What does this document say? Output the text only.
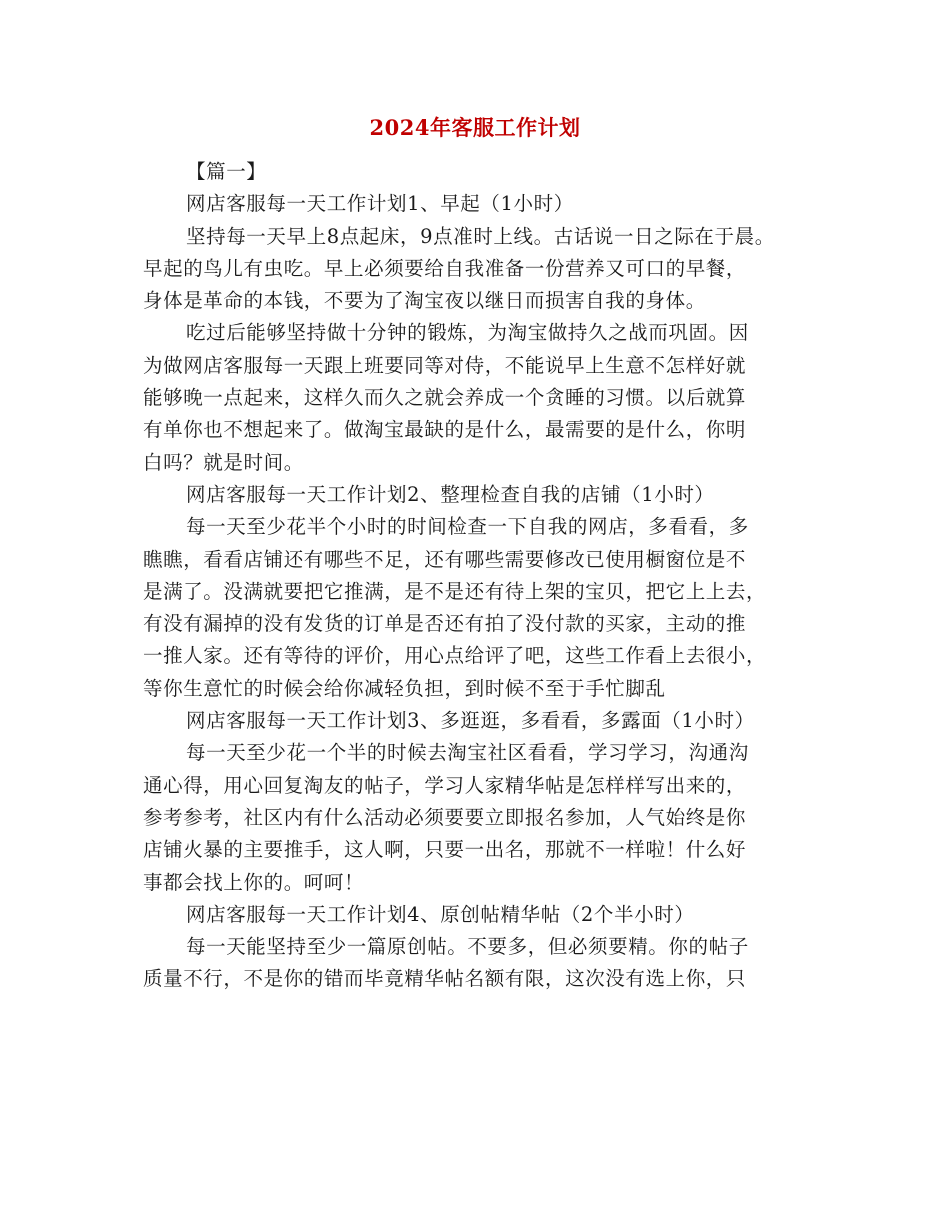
2024年客服工作计划
【篇一】
网店客服每一天工作计划1、早起（1小时）
坚持每一天早上8点起床，9点准时上线。古话说一日之际在于晨。
早起的鸟儿有虫吃。早上必须要给自我准备一份营养又可口的早餐，
身体是革命的本钱，不要为了淘宝夜以继日而损害自我的身体。
吃过后能够坚持做十分钟的锻炼，为淘宝做持久之战而巩固。因
为做网店客服每一天跟上班要同等对侍，不能说早上生意不怎样好就
能够晚一点起来，这样久而久之就会养成一个贪睡的习惯。以后就算
有单你也不想起来了。做淘宝最缺的是什么，最需要的是什么，你明
白吗？就是时间。
网店客服每一天工作计划2、整理检查自我的店铺（1小时）
每一天至少花半个小时的时间检查一下自我的网店，多看看，多
瞧瞧，看看店铺还有哪些不足，还有哪些需要修改已使用橱窗位是不
是满了。没满就要把它推满，是不是还有待上架的宝贝，把它上上去，
有没有漏掉的没有发货的订单是否还有拍了没付款的买家，主动的推
一推人家。还有等待的评价，用心点给评了吧，这些工作看上去很小，
等你生意忙的时候会给你减轻负担，到时候不至于手忙脚乱
网店客服每一天工作计划3、多逛逛，多看看，多露面（1小时）
每一天至少花一个半的时候去淘宝社区看看，学习学习，沟通沟
通心得，用心回复淘友的帖子，学习人家精华帖是怎样样写出来的，
参考参考，社区内有什么活动必须要要立即报名参加，人气始终是你
店铺火暴的主要推手，这人啊，只要一出名，那就不一样啦！什么好
事都会找上你的。呵呵！
网店客服每一天工作计划4、原创帖精华帖（2个半小时）
每一天能坚持至少一篇原创帖。不要多，但必须要精。你的帖子
质量不行，不是你的错而毕竟精华帖名额有限，这次没有选上你，只
